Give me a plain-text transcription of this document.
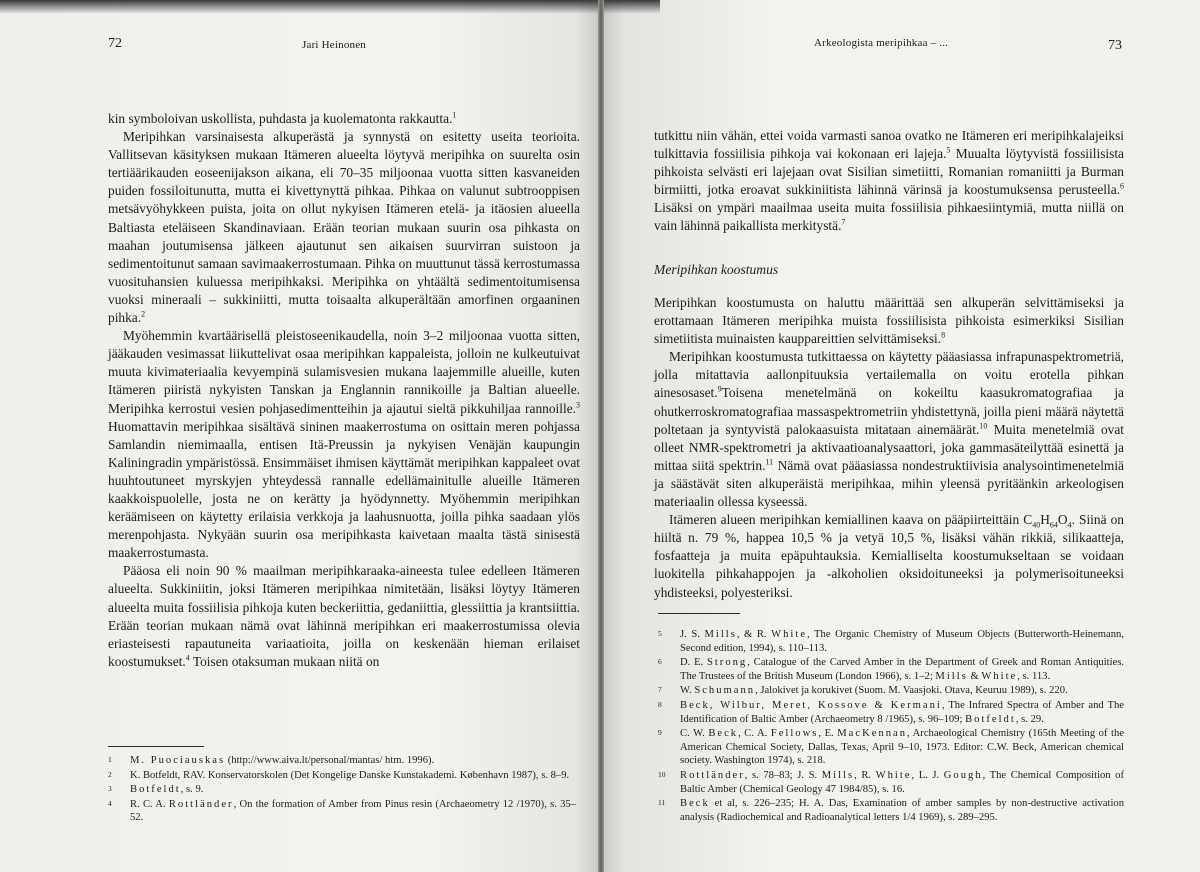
72	Jari Heinonen

kin symboloivan uskollista, puhdasta ja kuolematonta rakkautta.$^1$

Meripihkan varsinaisesta alkuperästä ja synnystä on esitetty useita teorioita. Vallitsevan käsityksen mukaan Itämeren alueelta löytyvä meripihka on suurelta osin tertiäärikauden eoseenijakson aikana, eli 70–35 miljoonaa vuotta sitten kasvaneiden puiden fossiloitunutta, mutta ei kivettynyttä pihkaa. Pihkaa on valunut subtrooppisen metsävyöhykkeen puista, joita on ollut nykyisen Itämeren etelä- ja itäosien alueella Baltiasta eteläiseen Skandinaviaan. Erään teorian mukaan suurin osa pihkasta on maahan joutumisensa jälkeen ajautunut sen aikaisen suurvirran suistoon ja sedimentoitunut samaan savimaakerrostumaan. Pihka on muuttunut tässä kerrostumassa vuosituhansien kuluessa meripihkaksi. Meripihka on yhtäältä sedimentoitumisensa vuoksi mineraali – sukkiniitti, mutta toisaalta alkuperältään amorfinen orgaaninen pihka.$^2$

Myöhemmin kvartäärisellä pleistoseenikaudella, noin 3–2 miljoonaa vuotta sitten, jääkauden vesimassat liikuttelivat osaa meripihkan kappaleista, jolloin ne kulkeutuivat muuta kivimateriaalia kevyempinä sulamisvesien mukana laajemmille alueille, kuten Itämeren piiristä nykyisten Tanskan ja Englannin rannikoille ja Baltian alueelle. Meripihka kerrostui vesien pohjasedimentteihin ja ajautui sieltä pikkuhiljaa rannoille.$^3$ Huomattavin meripihkaa sisältävä sininen maakerrostuma on osittain meren pohjassa Samlandin niemimaalla, entisen Itä-Preussin ja nykyisen Venäjän kaupungin Kaliningradin ympäristössä. Ensimmäiset ihmisen käyttämät meripihkan kappaleet ovat huuhtoutuneet myrskyjen yhteydessä rannalle edellämainitulle alueille Itämeren kaakkoispuolelle, josta ne on kerätty ja hyödynnetty. Myöhemmin meripihkan keräämiseen on käytetty erilaisia verkkoja ja laahusnuotta, joilla pihka saadaan ylös merenpohjasta. Nykyään suurin osa meripihkasta kaivetaan maalta tästä sinisestä maakerrostumasta.

Pääosa eli noin 90 % maailman meripihkaraaka-aineesta tulee edelleen Itämeren alueelta. Sukkiniitin, joksi Itämeren meripihkaa nimitetään, lisäksi löytyy Itämeren alueelta muita fossiilisia pihkoja kuten beckeriittia, gedaniittia, glessiittia ja krantsiittia. Erään teorian mukaan nämä ovat lähinnä meripihkan eri maakerrostumissa olevia eriasteisesti rapautuneita variaatioita, joilla on keskenään hieman erilaiset koostumukset.$^4$ Toisen otaksuman mukaan niitä on

1 M. Puociauskas (http://www.aiva.lt/personal/mantas/ htm. 1996).
2 K. Botfeldt, RAV. Konservatorskolen (Det Kongelige Danske Kunstakademi. København 1987), s. 8–9.
3 Botfeldt, s. 9.
4 R. C. A. Rottländer, On the formation of Amber from Pinus resin (Archaeometry 12 /1970), s. 35–52.
Arkeologista meripihkaa – ...	73

tutkittu niin vähän, ettei voida varmasti sanoa ovatko ne Itämeren eri meripihkalajeiksi tulkittavia fossiilisia pihkoja vai kokonaan eri lajeja.$^5$ Muualta löytyvistä fossiilisista pihkoista selvästi eri lajejaan ovat Sisilian simetiitti, Romanian romaniitti ja Burman birmiitti, jotka eroavat sukkiniitista lähinnä värinsä ja koostumuksensa perusteella.$^6$ Lisäksi on ympäri maailmaa useita muita fossiilisia pihkaesiintymiä, mutta niillä on vain lähinnä paikallista merkitystä.$^7$

Meripihkan koostumus

Meripihkan koostumusta on haluttu määrittää sen alkuperän selvittämiseksi ja erottamaan Itämeren meripihka muista fossiilisista pihkoista esimerkiksi Sisilian simetiitista muinaisten kauppareittien selvittämiseksi.$^8$

Meripihkan koostumusta tutkittaessa on käytetty pääasiassa infrapunaspektrometriä, jolla mitattavia aallonpituuksia vertailemalla on voitu erotella pihkan ainesosaset.$^9$Toisena menetelmänä on kokeiltu kaasukromatografiaa ja ohutkerroskromatografiaa massaspektrometriin yhdistettynä, joilla pieni määrä näytettä poltetaan ja syntyvistä palokaasuista mitataan ainemäärät.$^{10}$ Muita menetelmiä ovat olleet NMR-spektrometri ja aktivaatioanalysaattori, joka gammasäteilyttää esinettä ja mittaa siitä spektrin.$^{11}$ Nämä ovat pääasiassa nondestruktiivisia analysointimenetelmiä ja säästävät siten alkuperäistä meripihkaa, mihin yleensä pyritäänkin arkeologisen materiaalin ollessa kyseessä.

Itämeren alueen meripihkan kemiallinen kaava on pääpiirteittäin $C_{40}H_{64}O_4$. Siinä on hiiltä n. 79 %, happea 10,5 % ja vetyä 10,5 %, lisäksi vähän rikkiä, silikaatteja, fosfaatteja ja muita epäpuhtauksia. Kemialliselta koostumukseltaan se voidaan luokitella pihkahappojen ja -alkoholien oksidoituneeksi ja polymerisoituneeksi yhdisteeksi, polyesteriksi.

5 J. S. Mills, & R. White, The Organic Chemistry of Museum Objects (Butterworth-Heinemann, Second edition, 1994), s. 110–113.
6 D. E. Strong, Catalogue of the Carved Amber in the Department of Greek and Roman Antiquities. The Trustees of the British Museum (London 1966), s. 1–2; Mills & White, s. 113.
7 W. Schumann, Jalokivet ja korukivet (Suom. M. Vaasjoki. Otava, Keuruu 1989), s. 220.
8 Beck, Wilbur, Meret, Kossove & Kermani, The Infrared Spectra of Amber and The Identification of Baltic Amber (Archaeometry 8 /1965), s. 96–109; Botfeldt, s. 29.
9 C. W. Beck, C. A. Fellows, E. MacKennan, Archaeological Chemistry (165th Meeting of the American Chemical Society, Dallas, Texas, April 9–10, 1973. Editor: C.W. Beck, American chemical society. Washington 1974), s. 218.
10 Rottländer, s. 78–83; J. S. Mills, R. White, L. J. Gough, The Chemical Composition of Baltic Amber (Chemical Geology 47 1984/85), s. 16.
11 Beck et al, s. 226–235; H. A. Das, Examination of amber samples by non-destructive activation analysis (Radiochemical and Radioanalytical letters 1/4 1969), s. 289–295.
